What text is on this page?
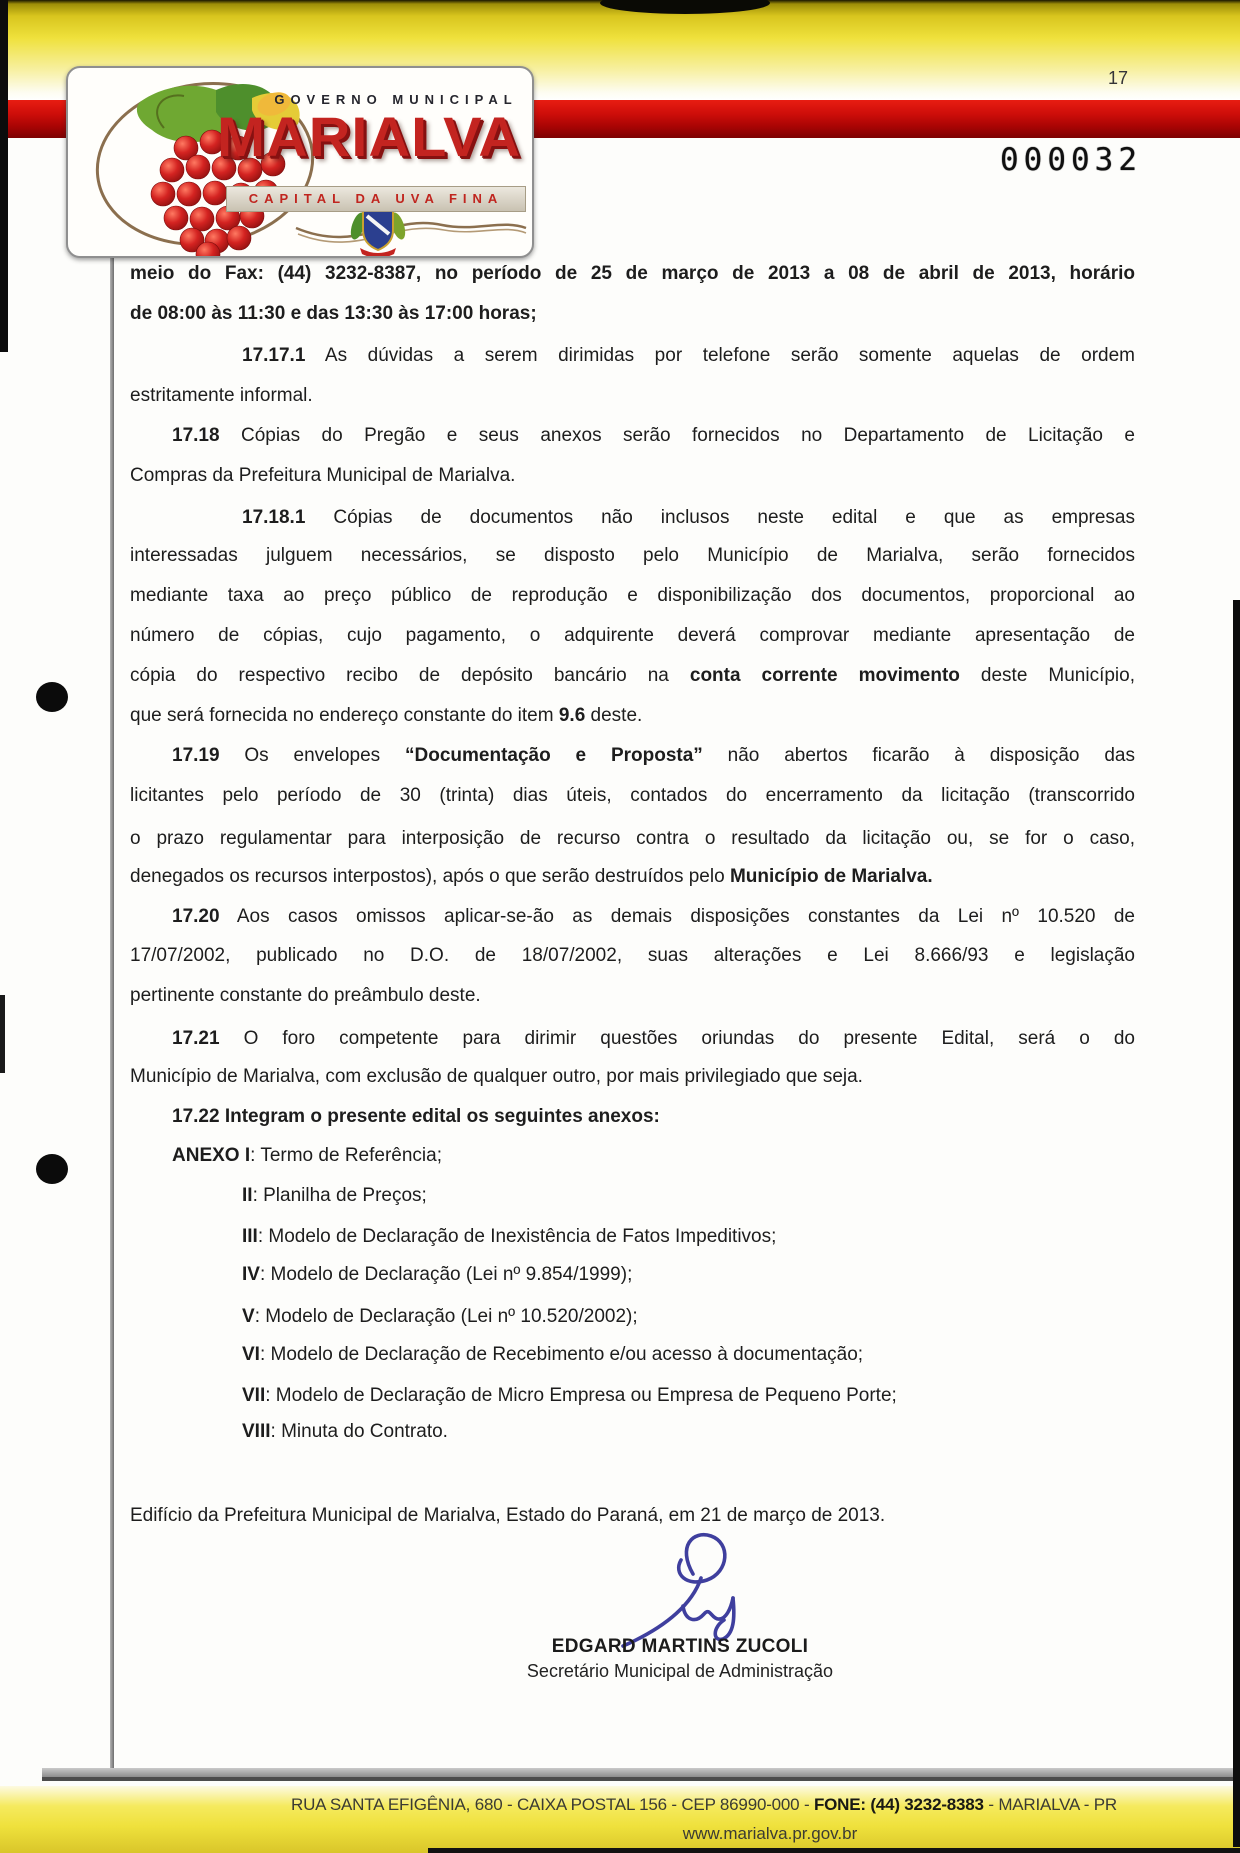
GOVERNO MUNICIPAL
MARIALVA
CAPITAL DA UVA FINA
17
000032
meio do Fax: (44) 3232-8387, no período de 25 de março de 2013 a 08 de abril de 2013, horário
de 08:00 às 11:30 e das 13:30 às 17:00 horas;
17.17.1 As dúvidas a serem dirimidas por telefone serão somente aquelas de ordem
estritamente informal.
17.18 Cópias do Pregão e seus anexos serão fornecidos no Departamento de Licitação e
Compras da Prefeitura Municipal de Marialva.
17.18.1 Cópias de documentos não inclusos neste edital e que as empresas
interessadas julguem necessários, se disposto pelo Município de Marialva, serão fornecidos
mediante taxa ao preço público de reprodução e disponibilização dos documentos, proporcional ao
número de cópias, cujo pagamento, o adquirente deverá comprovar mediante apresentação de
cópia do respectivo recibo de depósito bancário na conta corrente movimento deste Município,
que será fornecida no endereço constante do item 9.6 deste.
17.19 Os envelopes “Documentação e Proposta” não abertos ficarão à disposição das
licitantes pelo período de 30 (trinta) dias úteis, contados do encerramento da licitação (transcorrido
o prazo regulamentar para interposição de recurso contra o resultado da licitação ou, se for o caso,
denegados os recursos interpostos), após o que serão destruídos pelo Município de Marialva.
17.20 Aos casos omissos aplicar-se-ão as demais disposições constantes da Lei nº 10.520 de
17/07/2002, publicado no D.O. de 18/07/2002, suas alterações e Lei 8.666/93 e legislação
pertinente constante do preâmbulo deste.
17.21 O foro competente para dirimir questões oriundas do presente Edital, será o do
Município de Marialva, com exclusão de qualquer outro, por mais privilegiado que seja.
17.22 Integram o presente edital os seguintes anexos:
ANEXO I: Termo de Referência;
II: Planilha de Preços;
III: Modelo de Declaração de Inexistência de Fatos Impeditivos;
IV: Modelo de Declaração (Lei nº 9.854/1999);
V: Modelo de Declaração (Lei nº 10.520/2002);
VI: Modelo de Declaração de Recebimento e/ou acesso à documentação;
VII: Modelo de Declaração de Micro Empresa ou Empresa de Pequeno Porte;
VIII: Minuta do Contrato.
Edifício da Prefeitura Municipal de Marialva, Estado do Paraná, em 21 de março de 2013.
EDGARD MARTINS ZUCOLI
Secretário Municipal de Administração
RUA SANTA EFIGÊNIA, 680 - CAIXA POSTAL 156 - CEP 86990-000 - FONE: (44) 3232-8383 - MARIALVA - PR
www.marialva.pr.gov.br
